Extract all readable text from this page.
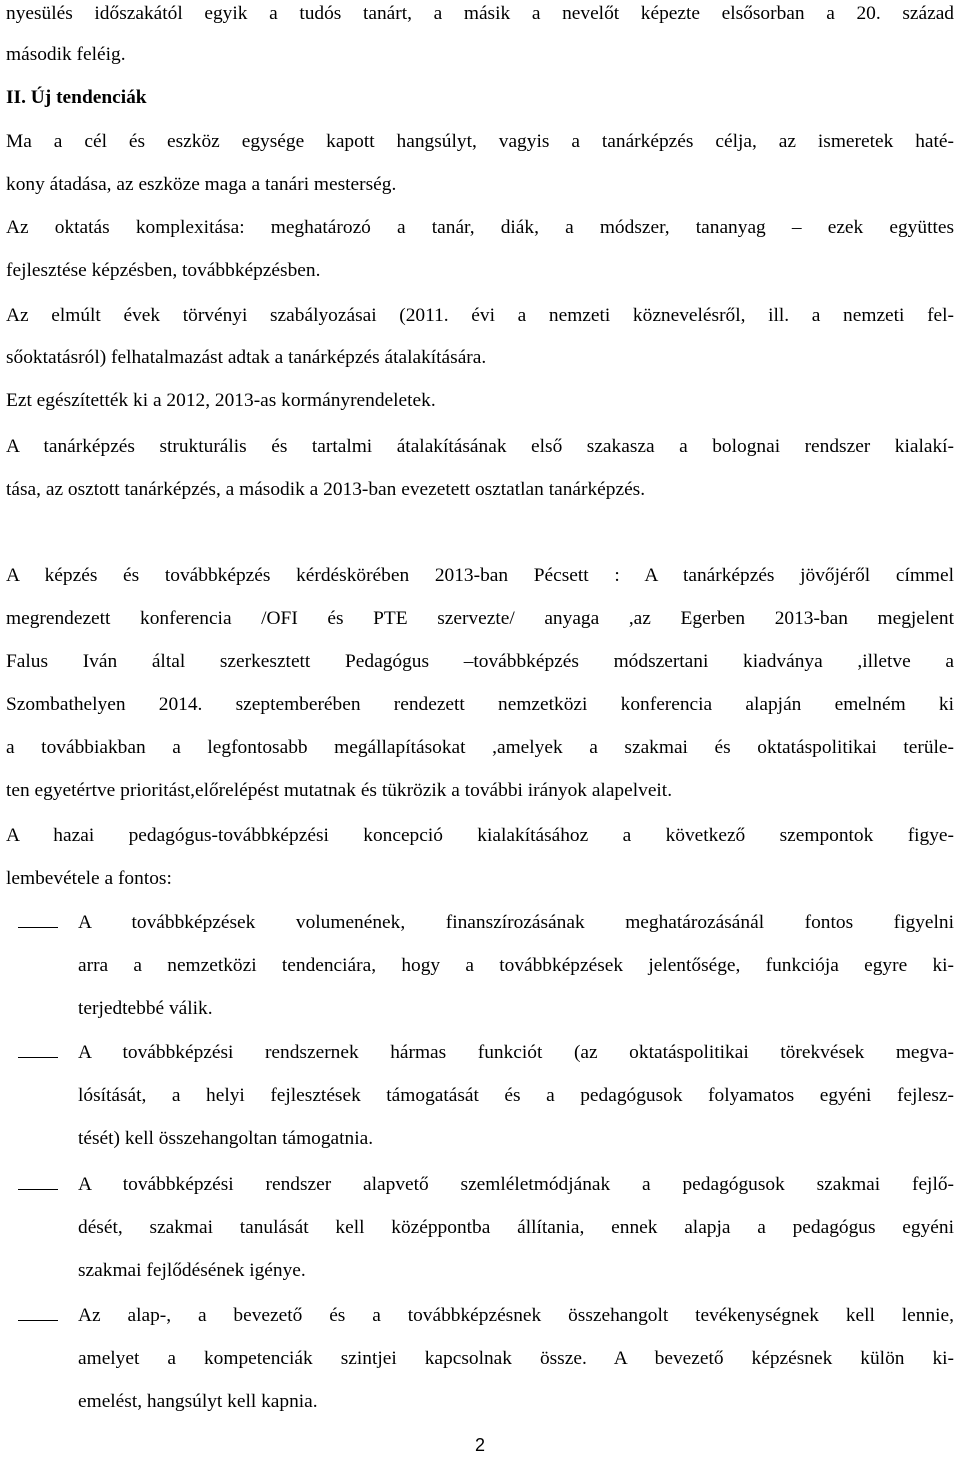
nyesülés időszakától egyik a tudós tanárt, a másik a nevelőt képezte elsősorban a 20. század
második feléig.
II. Új tendenciák
Ma a cél és eszköz egysége kapott hangsúlyt, vagyis a tanárképzés célja, az ismeretek haté-
kony átadása, az eszköze maga a tanári mesterség.
Az oktatás komplexitása: meghatározó a tanár, diák, a módszer, tananyag – ezek együttes
fejlesztése képzésben, továbbképzésben.
Az elmúlt évek törvényi szabályozásai (2011. évi a nemzeti köznevelésről, ill. a nemzeti fel-
sőoktatásról) felhatalmazást adtak a tanárképzés átalakítására.
Ezt egészítették ki a 2012, 2013-as kormányrendeletek.
A tanárképzés strukturális és tartalmi átalakításának első szakasza a bolognai rendszer kialakí-
tása, az osztott tanárképzés, a második a 2013-ban evezetett osztatlan tanárképzés.
A képzés és továbbképzés kérdéskörében 2013-ban Pécsett : A tanárképzés jövőjéről címmel
megrendezett konferencia /OFI és PTE szervezte/ anyaga ,az Egerben 2013-ban megjelent
Falus Iván által szerkesztett Pedagógus –továbbképzés módszertani kiadványa ,illetve a
Szombathelyen 2014. szeptemberében rendezett nemzetközi konferencia alapján emelném ki
a továbbiakban a legfontosabb megállapításokat ,amelyek a szakmai és oktatáspolitikai terüle-
ten egyetértve prioritást,előrelépést mutatnak és tükrözik a további irányok alapelveit.
A hazai pedagógus-továbbképzési koncepció kialakításához a következő szempontok figye-
lembevétele a fontos:
A továbbképzések volumenének, finanszírozásának meghatározásánál fontos figyelni
arra a nemzetközi tendenciára, hogy a továbbképzések jelentősége, funkciója egyre ki-
terjedtebbé válik.
A továbbképzési rendszernek hármas funkciót (az oktatáspolitikai törekvések megva-
lósítását, a helyi fejlesztések támogatását és a pedagógusok folyamatos egyéni fejlesz-
tését) kell összehangoltan támogatnia.
A továbbképzési rendszer alapvető szemléletmódjának a pedagógusok szakmai fejlő-
dését, szakmai tanulását kell középpontba állítania, ennek alapja a pedagógus egyéni
szakmai fejlődésének igénye.
Az alap-, a bevezető és a továbbképzésnek összehangolt tevékenységnek kell lennie,
amelyet a kompetenciák szintjei kapcsolnak össze. A bevezető képzésnek külön ki-
emelést, hangsúlyt kell kapnia.
2
